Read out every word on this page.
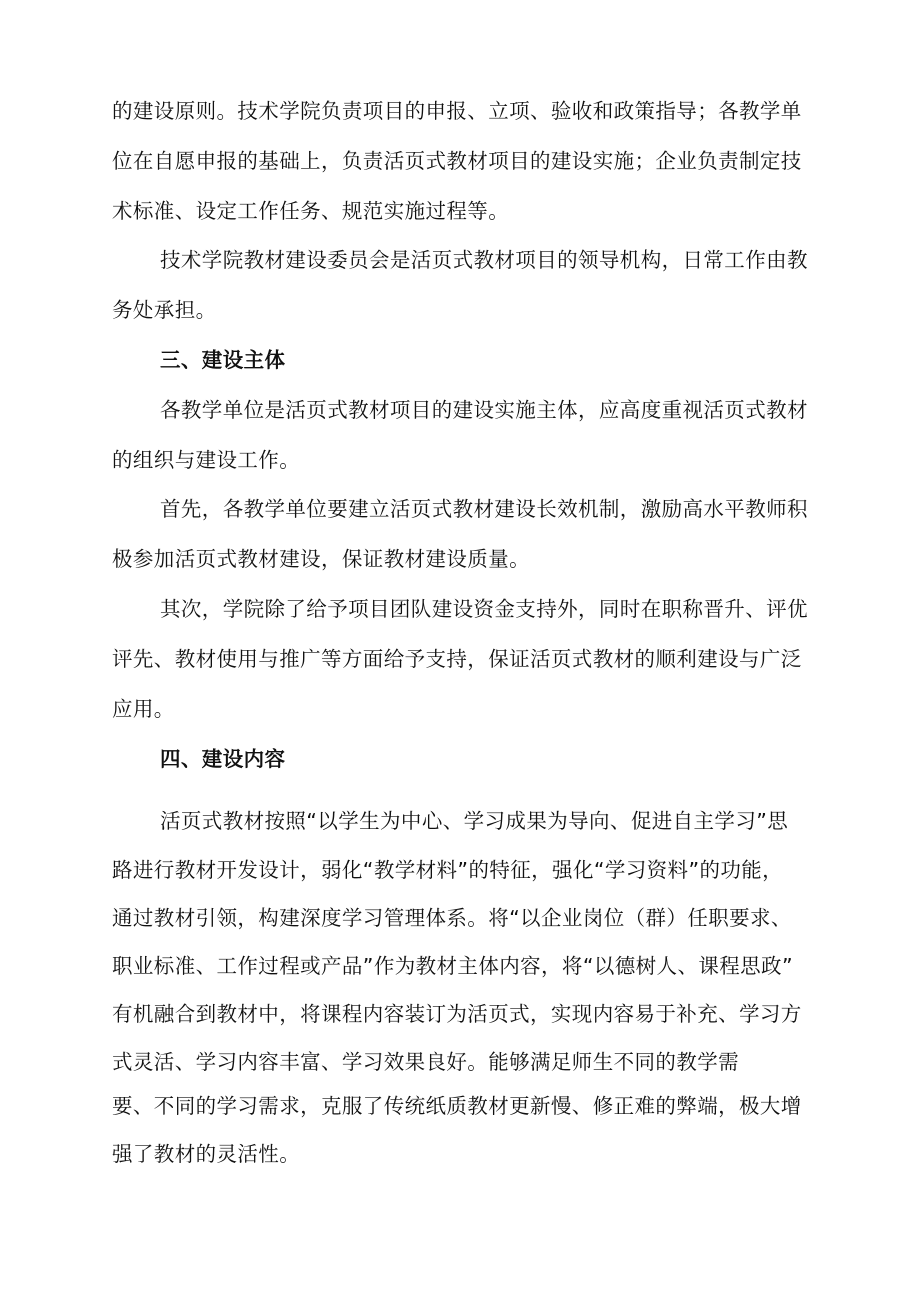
的建设原则。技术学院负责项目的申报、立项、验收和政策指导；各教学单
位在自愿申报的基础上，负责活页式教材项目的建设实施；企业负责制定技
术标准、设定工作任务、规范实施过程等。
技术学院教材建设委员会是活页式教材项目的领导机构，日常工作由教
务处承担。
三、建设主体
各教学单位是活页式教材项目的建设实施主体，应高度重视活页式教材
的组织与建设工作。
首先，各教学单位要建立活页式教材建设长效机制，激励高水平教师积
极参加活页式教材建设，保证教材建设质量。
其次，学院除了给予项目团队建设资金支持外，同时在职称晋升、评优
评先、教材使用与推广等方面给予支持，保证活页式教材的顺利建设与广泛
应用。
四、建设内容
活页式教材按照“以学生为中心、学习成果为导向、促进自主学习”思
路进行教材开发设计，弱化“教学材料”的特征，强化“学习资料”的功能，
通过教材引领，构建深度学习管理体系。将“以企业岗位（群）任职要求、
职业标准、工作过程或产品”作为教材主体内容，将“以德树人、课程思政”
有机融合到教材中，将课程内容装订为活页式，实现内容易于补充、学习方
式灵活、学习内容丰富、学习效果良好。能够满足师生不同的教学需
要、不同的学习需求，克服了传统纸质教材更新慢、修正难的弊端，极大增
强了教材的灵活性。
